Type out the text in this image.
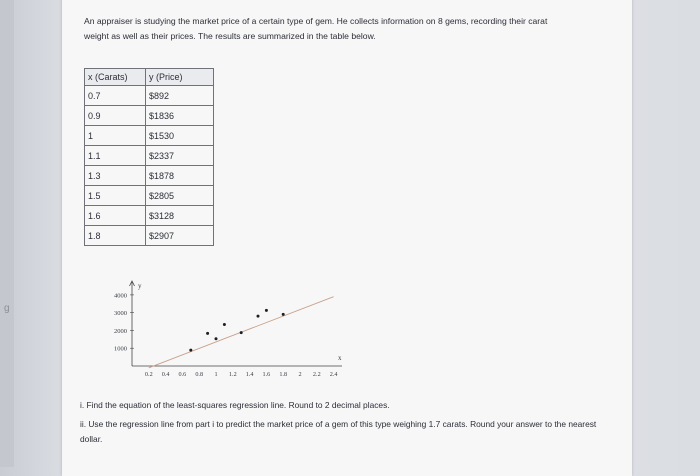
g
An appraiser is studying the market price of a certain type of gem. He collects information on 8 gems, recording their carat weight as well as their prices. The results are summarized in the table below.
x (Carats)	y (Price)
0.7	$892
0.9	$1836
1	$1530
1.1	$2337
1.3	$1878
1.5	$2805
1.6	$3128
1.8	$2907
y
x
1000
2000
3000
4000
0.2 0.4 0.6 0.8 1 1.2 1.4 1.6 1.8 2 2.2 2.4

i. Find the equation of the least-squares regression line. Round to 2 decimal places.

ii. Use the regression line from part i to predict the market price of a gem of this type weighing 1.7 carats. Round your answer to the nearest dollar.
